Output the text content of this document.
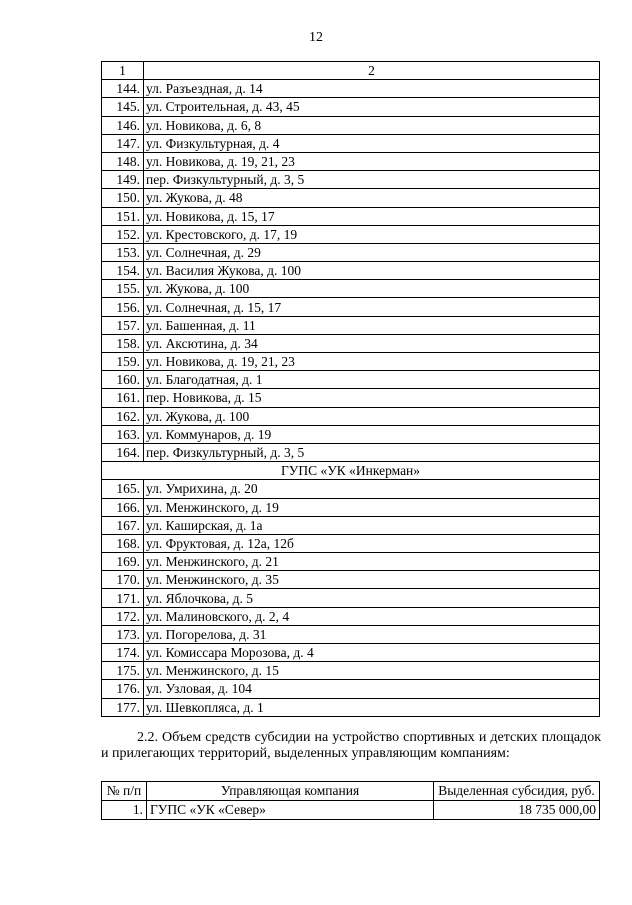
12
1	2
144.	ул. Разъездная, д. 14
145.	ул. Строительная, д. 43, 45
146.	ул. Новикова, д. 6, 8
147.	ул. Физкультурная, д. 4
148.	ул. Новикова, д. 19, 21, 23
149.	пер. Физкультурный, д. 3, 5
150.	ул. Жукова, д. 48
151.	ул. Новикова, д. 15, 17
152.	ул. Крестовского, д. 17, 19
153.	ул. Солнечная, д. 29
154.	ул. Василия Жукова, д. 100
155.	ул. Жукова, д. 100
156.	ул. Солнечная, д. 15, 17
157.	ул. Башенная, д. 11
158.	ул. Аксютина, д. 34
159.	ул. Новикова, д. 19, 21, 23
160.	ул. Благодатная, д. 1
161.	пер. Новикова, д. 15
162.	ул. Жукова, д. 100
163.	ул. Коммунаров, д. 19
164.	пер. Физкультурный, д. 3, 5
ГУПС «УК «Инкерман»	
165.	ул. Умрихина, д. 20
166.	ул. Менжинского, д. 19
167.	ул. Каширская, д. 1а
168.	ул. Фруктовая, д. 12а, 12б
169.	ул. Менжинского, д. 21
170.	ул. Менжинского, д. 35
171.	ул. Яблочкова, д. 5
172.	ул. Малиновского, д. 2, 4
173.	ул. Погорелова, д. 31
174.	ул. Комиссара Морозова, д. 4
175.	ул. Менжинского, д. 15
176.	ул. Узловая, д. 104
177.	ул. Шевкопляса, д. 1
2.2. Объем средств субсидии на устройство спортивных и детских площадок и прилегающих территорий, выделенных управляющим компаниям:
№ п/п	Управляющая компания	Выделенная субсидия, руб.
1.	ГУПС «УК «Север»	18 735 000,00
